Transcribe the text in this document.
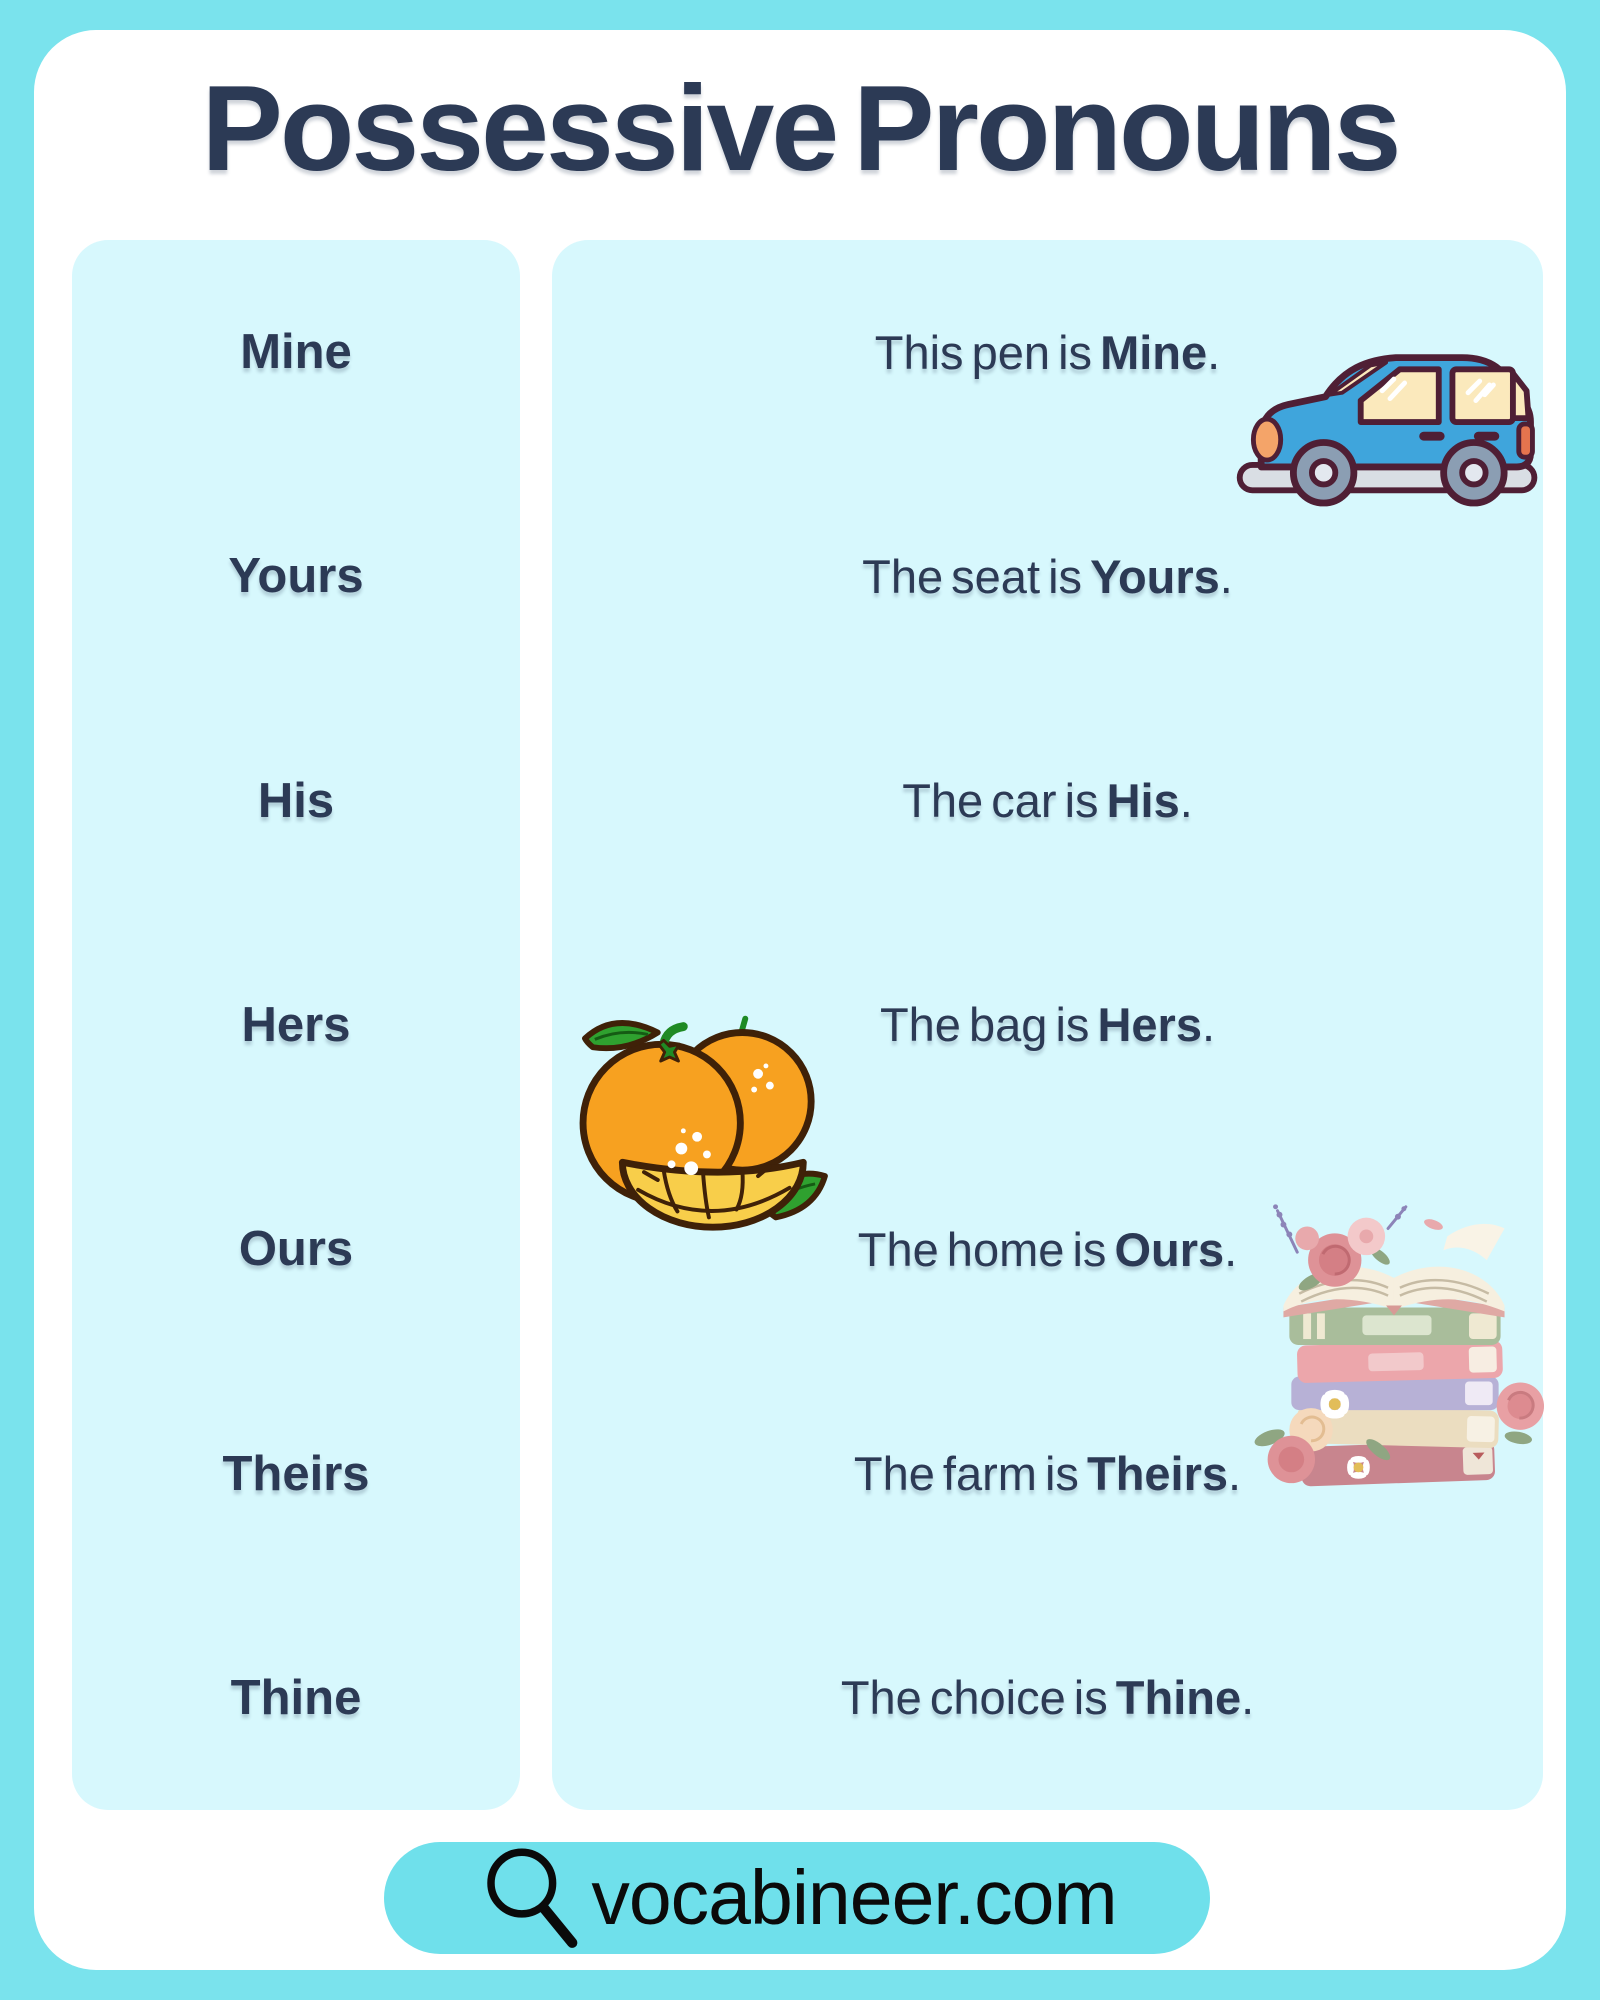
Possessive Pronouns
Mine
Yours
His
Hers
Ours
Theirs
Thine
This pen is Mine.
The seat is Yours.
The car is His.
The bag is Hers.
The home is Ours.
The farm is Theirs.
The choice is Thine.
vocabineer.com
